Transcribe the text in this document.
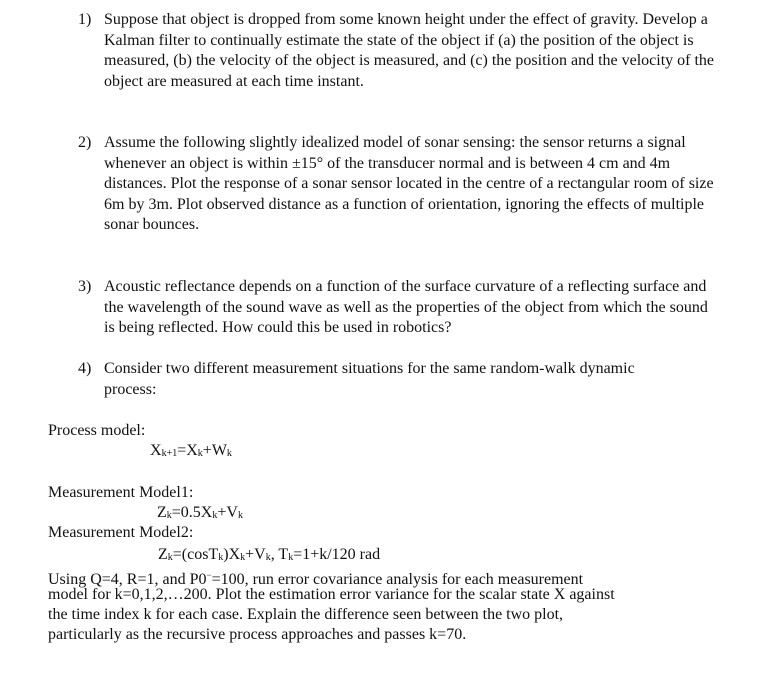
1) Suppose that object is dropped from some known height under the effect of gravity. Develop a Kalman filter to continually estimate the state of the object if (a) the position of the object is measured, (b) the velocity of the object is measured, and (c) the position and the velocity of the object are measured at each time instant.
2) Assume the following slightly idealized model of sonar sensing: the sensor returns a signal whenever an object is within ±15° of the transducer normal and is between 4 cm and 4m distances. Plot the response of a sonar sensor located in the centre of a rectangular room of size 6m by 3m. Plot observed distance as a function of orientation, ignoring the effects of multiple sonar bounces.
3) Acoustic reflectance depends on a function of the surface curvature of a reflecting surface and the wavelength of the sound wave as well as the properties of the object from which the sound is being reflected. How could this be used in robotics?
4) Consider two different measurement situations for the same random-walk dynamic process:
Process model:
Xk+1=Xk+Wk
Measurement Model1:
Zk=0.5Xk+Vk
Measurement Model2:
Zk=(cosTk)Xk+Vk, Tk=1+k/120 rad
Using Q=4, R=1, and P0−=100, run error covariance analysis for each measurement
model for k=0,1,2,…200. Plot the estimation error variance for the scalar state X against
the time index k for each case. Explain the difference seen between the two plot,
particularly as the recursive process approaches and passes k=70.
